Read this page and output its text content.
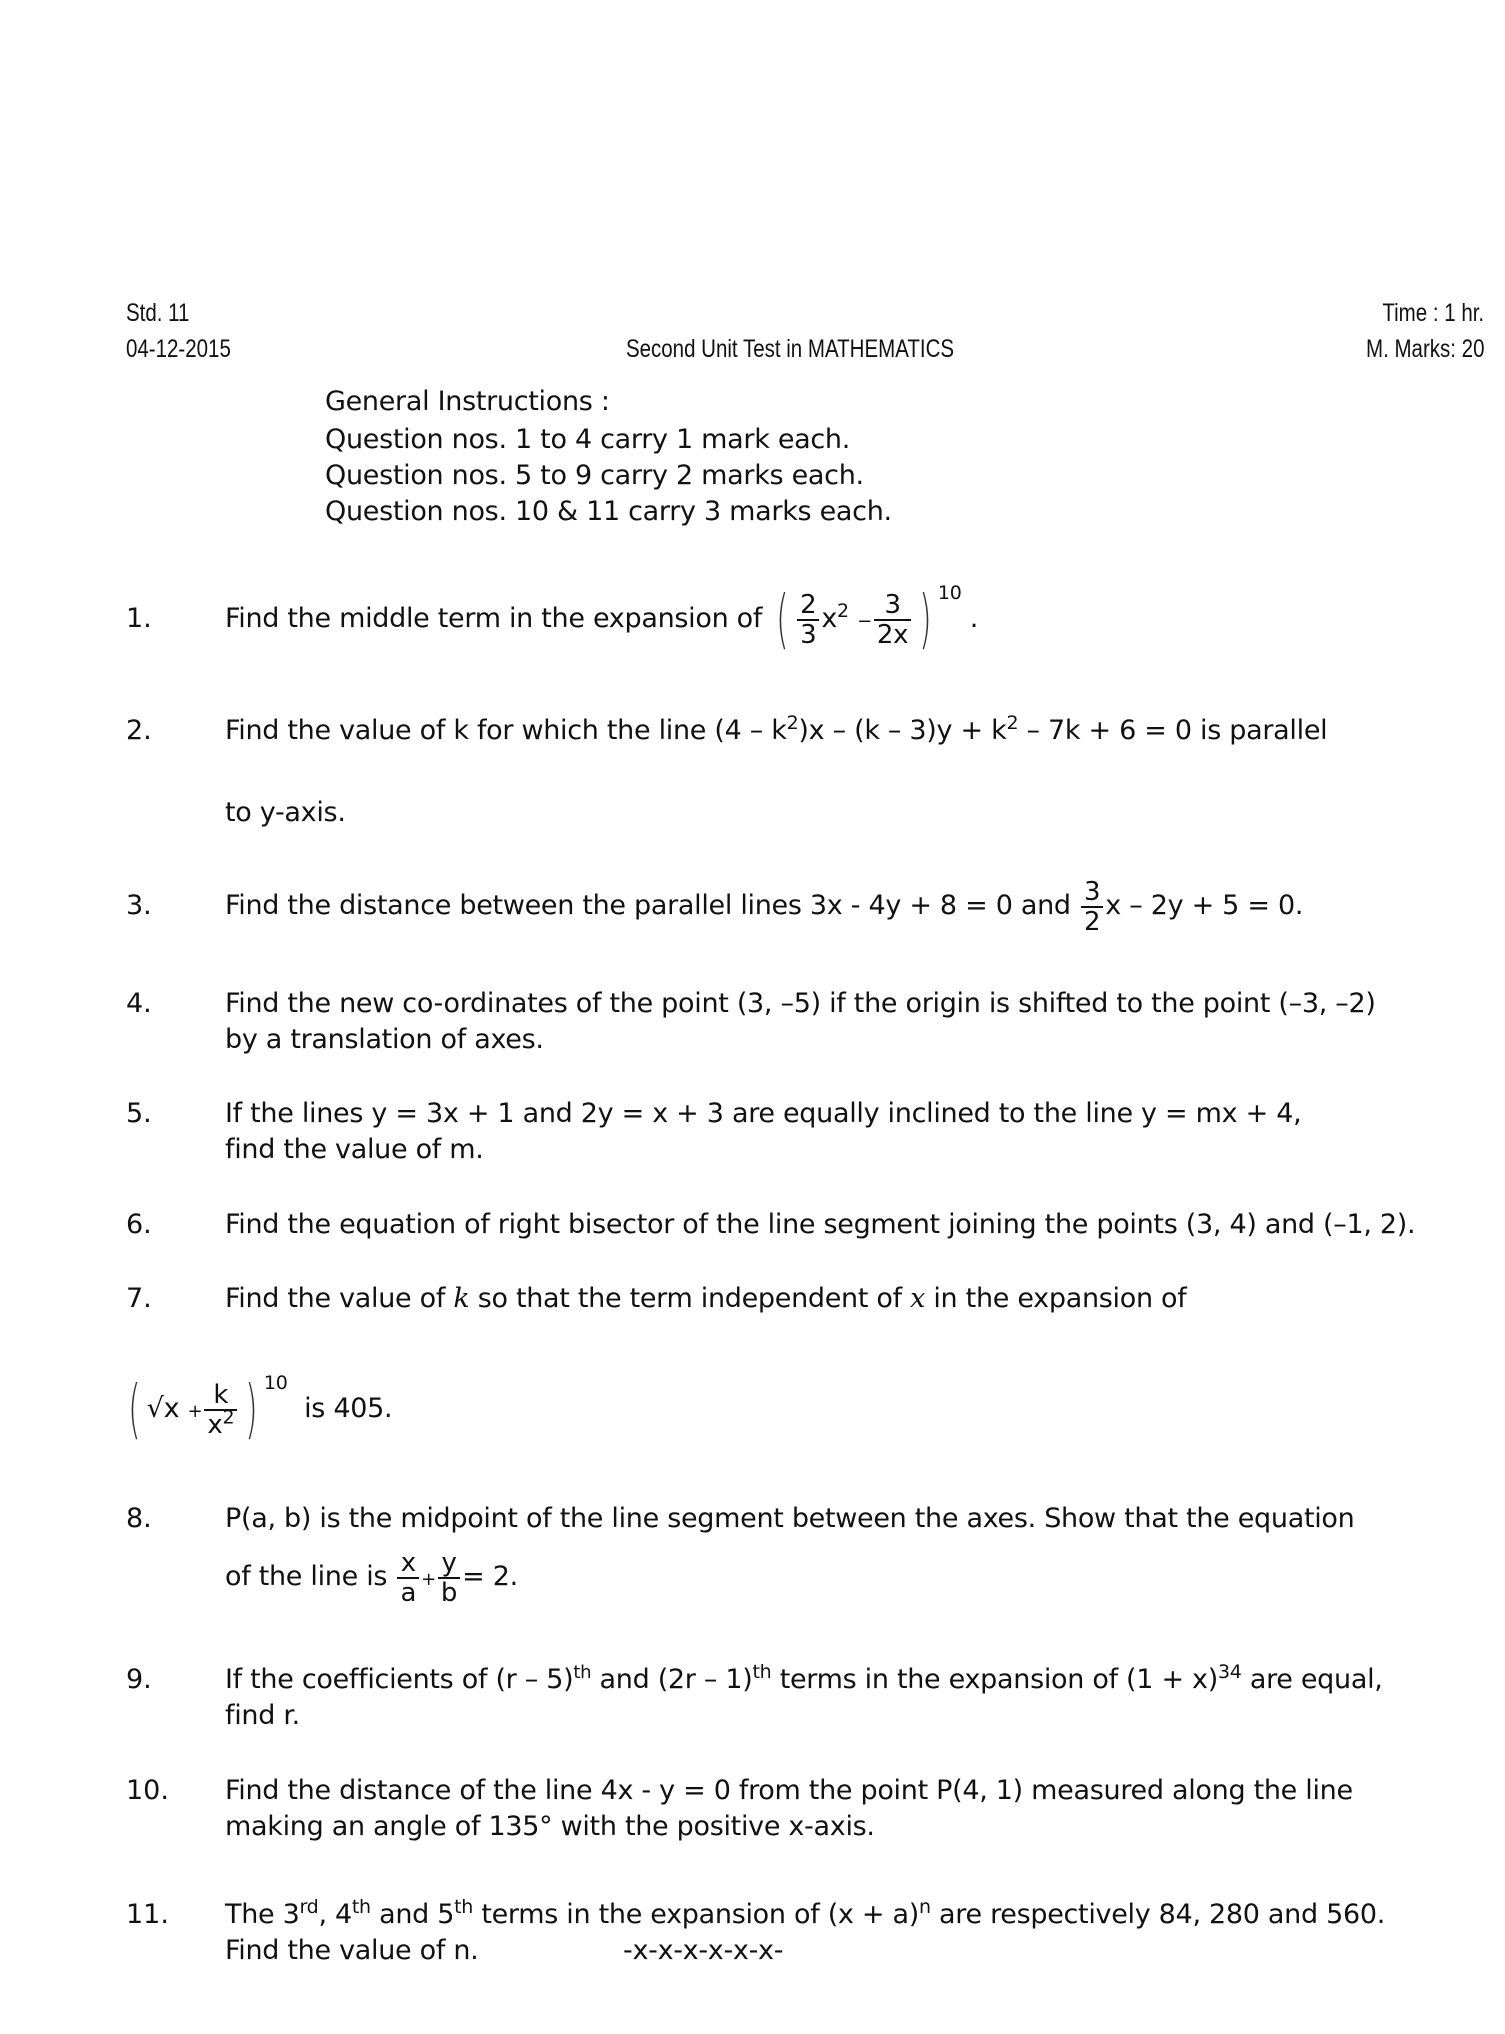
Std. 11
04-12-2015	Second Unit Test in MATHEMATICS
Time : 1 hr.
M. Marks: 20
General Instructions :
Question nos. 1 to 4 carry 1 mark each.
Question nos. 5 to 9 carry 2 marks each.
Question nos. 10 & 11 carry 3 marks each.
1.	Find the middle term in the expansion of ( $\frac{2}{3} x^2 - \frac{3}{2x}$ ) $^{10}$ .
2.	Find the value of k for which the line $(4 - k^2)x - (k - 3)y + k^2 - 7k + 6 = 0$ is parallel
to y-axis.
3.	Find the distance between the parallel lines 3x - 4y + 8 = 0 and $\frac{3}{2}$ x – 2y + 5 = 0.
4.	Find the new co-ordinates of the point (3, –5) if the origin is shifted to the point (–3, –2)
by a translation of axes.
5.	If the lines y = 3x + 1 and 2y = x + 3 are equally inclined to the line y = mx + 4,
find the value of m.
6.	Find the equation of right bisector of the line segment joining the points (3, 4) and (–1, 2).
7.	Find the value of k so that the term independent of x in the expansion of
( $√x + \frac{k}{x^2}$ ) $^{10}$  is 405.
8.	P(a, b) is the midpoint of the line segment between the axes. Show that the equation
of the line is $\frac{x}{a} + \frac{y}{b} = 2$.
9.	If the coefficients of (r – 5)$^{th}$ and (2r – 1)$^{th}$ terms in the expansion of $(1 + x)^{34}$ are equal,
find r.
10. Find the distance of the line 4x - y = 0 from the point P(4, 1) measured along the line
making an angle of 135° with the positive x-axis.
11. The 3rd, 4th and 5th terms in the expansion of $(x + a)^n$ are respectively 84, 280 and 560.
Find the value of n.	-x-x-x-x-x-x-
